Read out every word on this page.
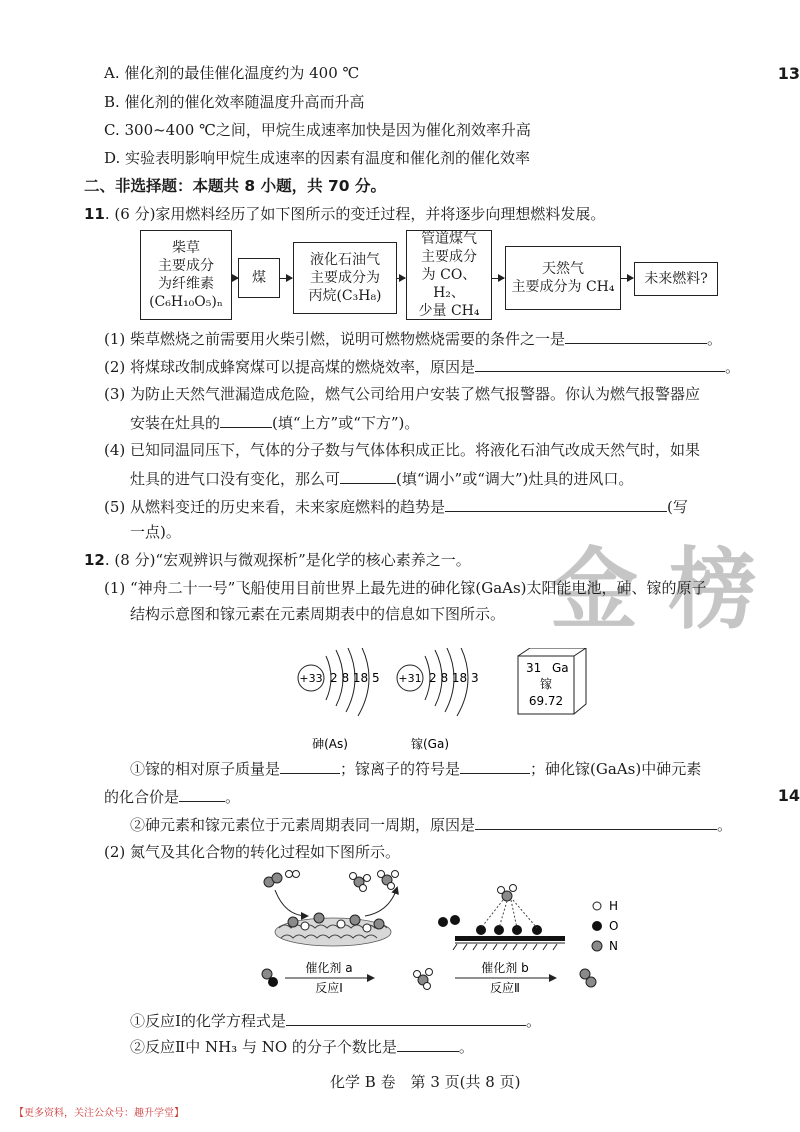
A. 催化剂的最佳催化温度约为 400 ℃
B. 催化剂的催化效率随温度升高而升高
C. 300~400 ℃之间，甲烷生成速率加快是因为催化剂效率升高
D. 实验表明影响甲烷生成速率的因素有温度和催化剂的催化效率
13
二、非选择题：本题共 8 小题，共 70 分。
11. (6 分)家用燃料经历了如下图所示的变迁过程，并将逐步向理想燃料发展。
柴草
主要成分
为纤维素
(C₆H₁₀O₅)ₙ
煤
液化石油气
主要成分为
丙烷(C₃H₈)
管道煤气
主要成分
为 CO、H₂、
少量 CH₄
天然气
主要成分为 CH₄ 未来燃料?
(1) 柴草燃烧之前需要用火柴引燃，说明可燃物燃烧需要的条件之一是	。
(2) 将煤球改制成蜂窝煤可以提高煤的燃烧效率，原因是	。
(3) 为防止天然气泄漏造成危险，燃气公司给用户安装了燃气报警器。你认为燃气报警器应
安装在灶具的	(填“上方”或“下方”)。
(4) 已知同温同压下，气体的分子数与气体体积成正比。将液化石油气改成天然气时，如果
灶具的进气口没有变化，那么可	(填“调小”或“调大”)灶具的进风口。
(5) 从燃料变迁的历史来看，未来家庭燃料的趋势是	(写
一点)。
金 榜
12. (8 分)“宏观辨识与微观探析”是化学的核心素养之一。
(1) “神舟二十一号”飞船使用目前世界上最先进的砷化镓(GaAs)太阳能电池，砷、镓的原子
结构示意图和镓元素在元素周期表中的信息如下图所示。
+33 2 8 18 5
砷(As)
+31 2 8 18 3
镓(Ga)
31 Ga
镓
69.72
①镓的相对原子质量是	；镓离子的符号是	；砷化镓(GaAs)中砷元素
的化合价是	。	14
②砷元素和镓元素位于元素周期表同一周期，原因是	。
(2) 氮气及其化合物的转化过程如下图所示。
H
O
N
催化剂 a
反应Ⅰ
催化剂 b
反应Ⅱ
①反应Ⅰ的化学方程式是	。
②反应Ⅱ中 NH₃ 与 NO 的分子个数比是	。
化学 B 卷　第 3 页(共 8 页)
【更多资料，关注公众号：趣升学堂】
